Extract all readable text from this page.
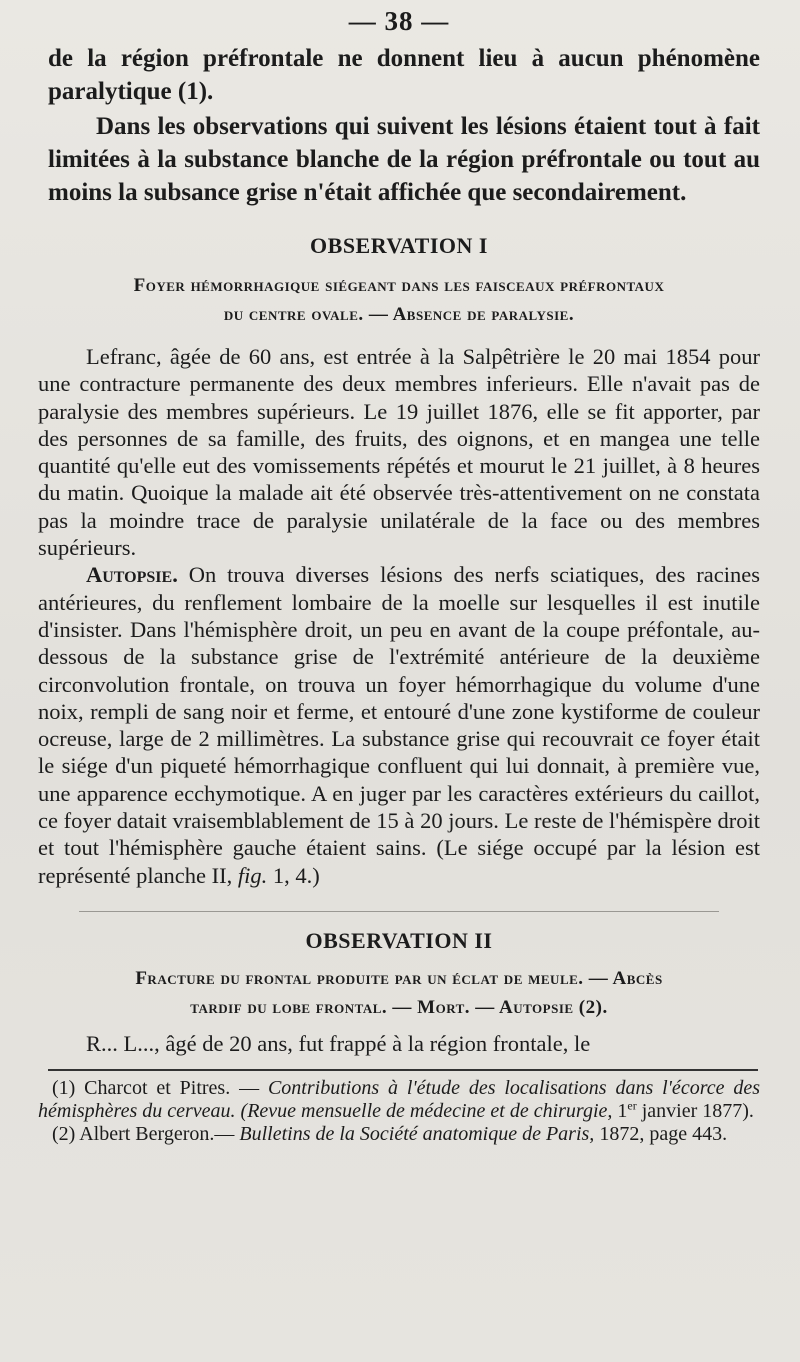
— 38 —

de la région préfrontale ne donnent lieu à aucun phénomène paralytique (1).

Dans les observations qui suivent les lésions étaient tout à fait limitées à la substance blanche de la région préfrontale ou tout au moins la subsance grise n'était affichée que secondairement.

OBSERVATION I

Foyer hémorrhagique siégeant dans les faisceaux préfrontaux

du centre ovale. — Absence de paralysie.

Lefranc, âgée de 60 ans, est entrée à la Salpêtrière le 20 mai 1854 pour une contracture permanente des deux membres inferieurs. Elle n'avait pas de paralysie des membres supérieurs. Le 19 juillet 1876, elle se fit apporter, par des personnes de sa famille, des fruits, des oignons, et en mangea une telle quantité qu'elle eut des vomissements répétés et mourut le 21 juillet, à 8 heures du matin. Quoique la malade ait été observée très-attentivement on ne constata pas la moindre trace de paralysie unilatérale de la face ou des membres supérieurs.

Autopsie. On trouva diverses lésions des nerfs sciatiques, des racines antérieures, du renflement lombaire de la moelle sur lesquelles il est inutile d'insister. Dans l'hémisphère droit, un peu en avant de la coupe préfontale, au-dessous de la substance grise de l'extrémité antérieure de la deuxième circonvolution frontale, on trouva un foyer hémorrhagique du volume d'une noix, rempli de sang noir et ferme, et entouré d'une zone kystiforme de couleur ocreuse, large de 2 millimètres. La substance grise qui recouvrait ce foyer était le siége d'un piqueté hémorrhagique confluent qui lui donnait, à première vue, une apparence ecchymotique. A en juger par les caractères extérieurs du caillot, ce foyer datait vraisemblablement de 15 à 20 jours. Le reste de l'hémispère droit et tout l'hémisphère gauche étaient sains. (Le siége occupé par la lésion est représenté planche II, fig. 1, 4.)

OBSERVATION II

Fracture du frontal produite par un éclat de meule. — Abcès

tardif du lobe frontal. — Mort. — Autopsie (2).

R... L..., âgé de 20 ans, fut frappé à la région frontale, le

(1) Charcot et Pitres. — Contributions à l'étude des localisations dans l'écorce des hémisphères du cerveau. (Revue mensuelle de médecine et de chirurgie, 1er janvier 1877).

(2) Albert Bergeron.— Bulletins de la Société anatomique de Paris, 1872, page 443.
